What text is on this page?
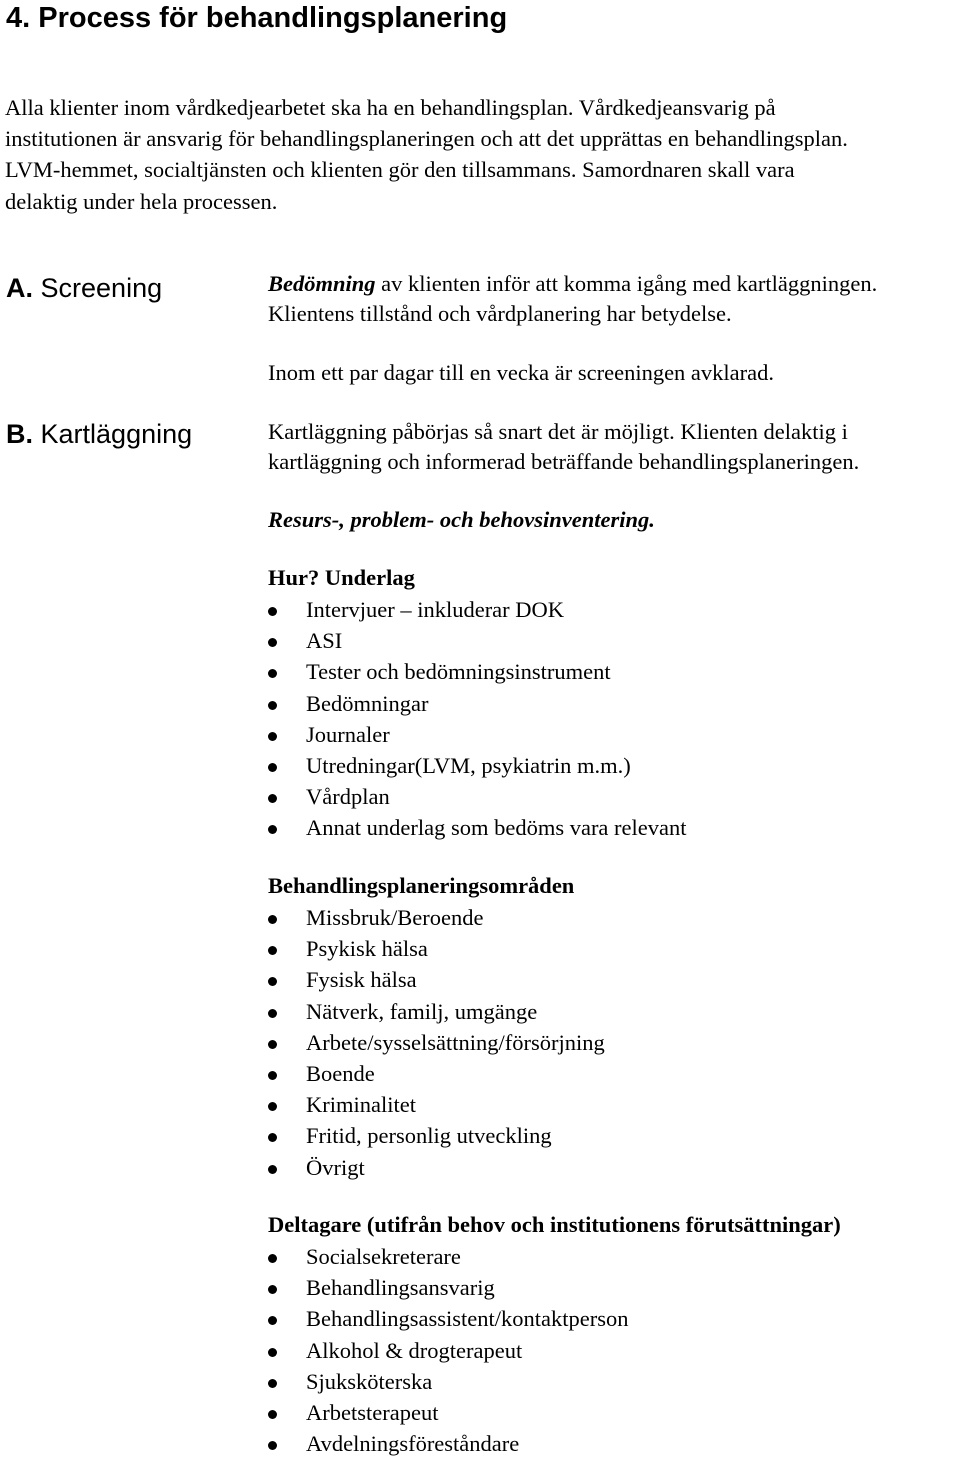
4. Process för behandlingsplanering
Alla klienter inom vårdkedjearbetet ska ha en behandlingsplan. Vårdkedjeansvarig på
institutionen är ansvarig för behandlingsplaneringen och att det upprättas en behandlingsplan.
LVM-hemmet, socialtjänsten och klienten gör den tillsammans. Samordnaren skall vara
delaktig under hela processen.
A. Screening	Bedömning av klienten inför att komma igång med kartläggningen.
Klientens tillstånd och vårdplanering har betydelse.
Inom ett par dagar till en vecka är screeningen avklarad.
B. Kartläggning	Kartläggning påbörjas så snart det är möjligt. Klienten delaktig i
kartläggning och informerad beträffande behandlingsplaneringen.
Resurs-, problem- och behovsinventering.
Hur? Underlag
Intervjuer – inkluderar DOK
ASI
Tester och bedömningsinstrument
Bedömningar
Journaler
Utredningar(LVM, psykiatrin m.m.)
Vårdplan
Annat underlag som bedöms vara relevant
Behandlingsplaneringsområden
Missbruk/Beroende
Psykisk hälsa
Fysisk hälsa
Nätverk, familj, umgänge
Arbete/sysselsättning/försörjning
Boende
Kriminalitet
Fritid, personlig utveckling
Övrigt
Deltagare (utifrån behov och institutionens förutsättningar)
Socialsekreterare
Behandlingsansvarig
Behandlingsassistent/kontaktperson
Alkohol & drogterapeut
Sjuksköterska
Arbetsterapeut
Avdelningsföreståndare
